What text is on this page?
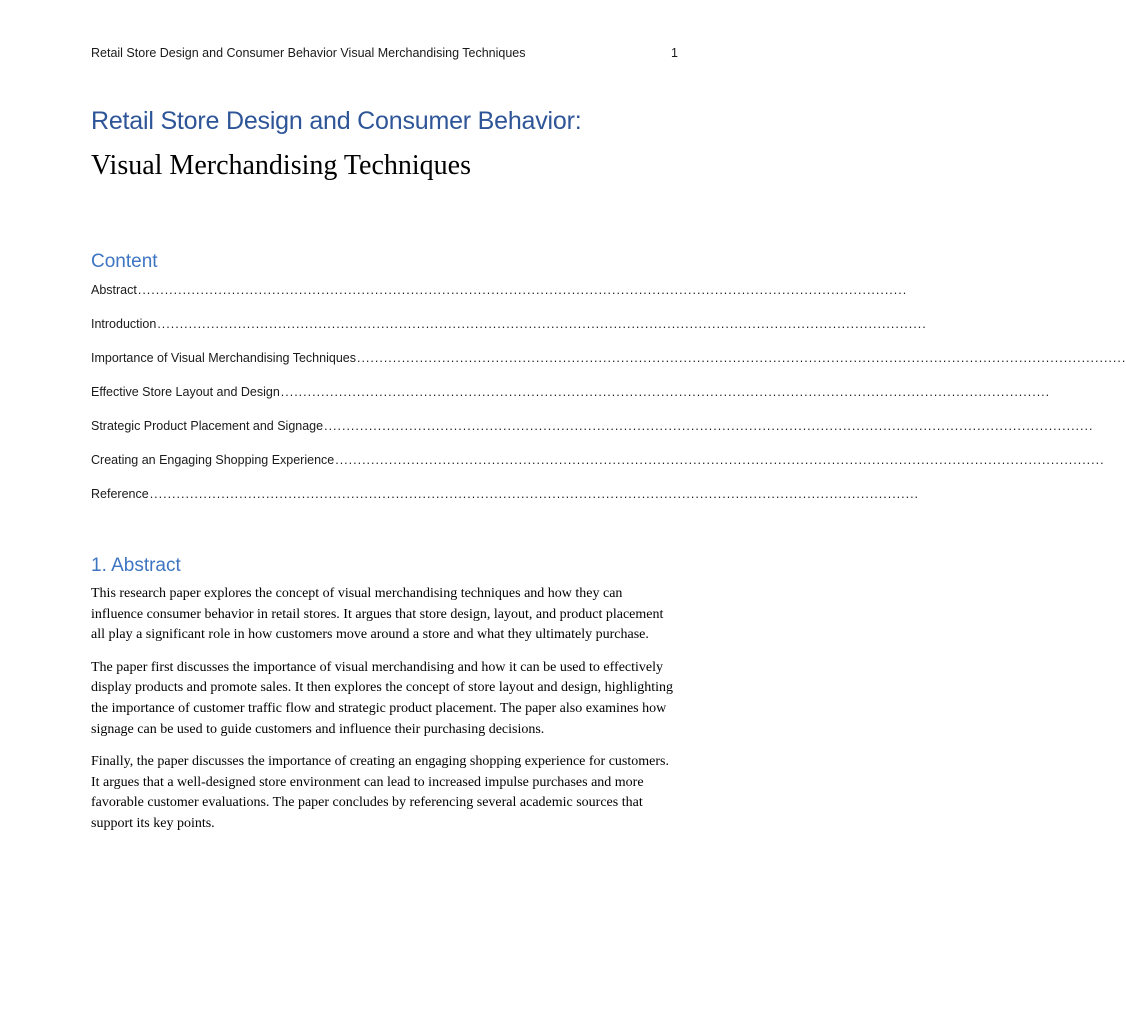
Retail Store Design and Consumer Behavior Visual Merchandising Techniques	1
Retail Store Design and Consumer Behavior:
Visual Merchandising Techniques
Content
Abstract ............................................................................................................................................................................
Introduction ............................................................................................................................................................................
Importance of Visual Merchandising Techniques ............................................................................................................................................................................
Effective Store Layout and Design ............................................................................................................................................................................
Strategic Product Placement and Signage ............................................................................................................................................................................
Creating an Engaging Shopping Experience ............................................................................................................................................................................
Reference ............................................................................................................................................................................
1. Abstract

This research paper explores the concept of visual merchandising techniques and how they can influence consumer behavior in retail stores. It argues that store design, layout, and product placement all play a significant role in how customers move around a store and what they ultimately purchase.

The paper first discusses the importance of visual merchandising and how it can be used to effectively display products and promote sales. It then explores the concept of store layout and design, highlighting the importance of customer traffic flow and strategic product placement. The paper also examines how signage can be used to guide customers and influence their purchasing decisions.

Finally, the paper discusses the importance of creating an engaging shopping experience for customers. It argues that a well-designed store environment can lead to increased impulse purchases and more favorable customer evaluations. The paper concludes by referencing several academic sources that support its key points.
